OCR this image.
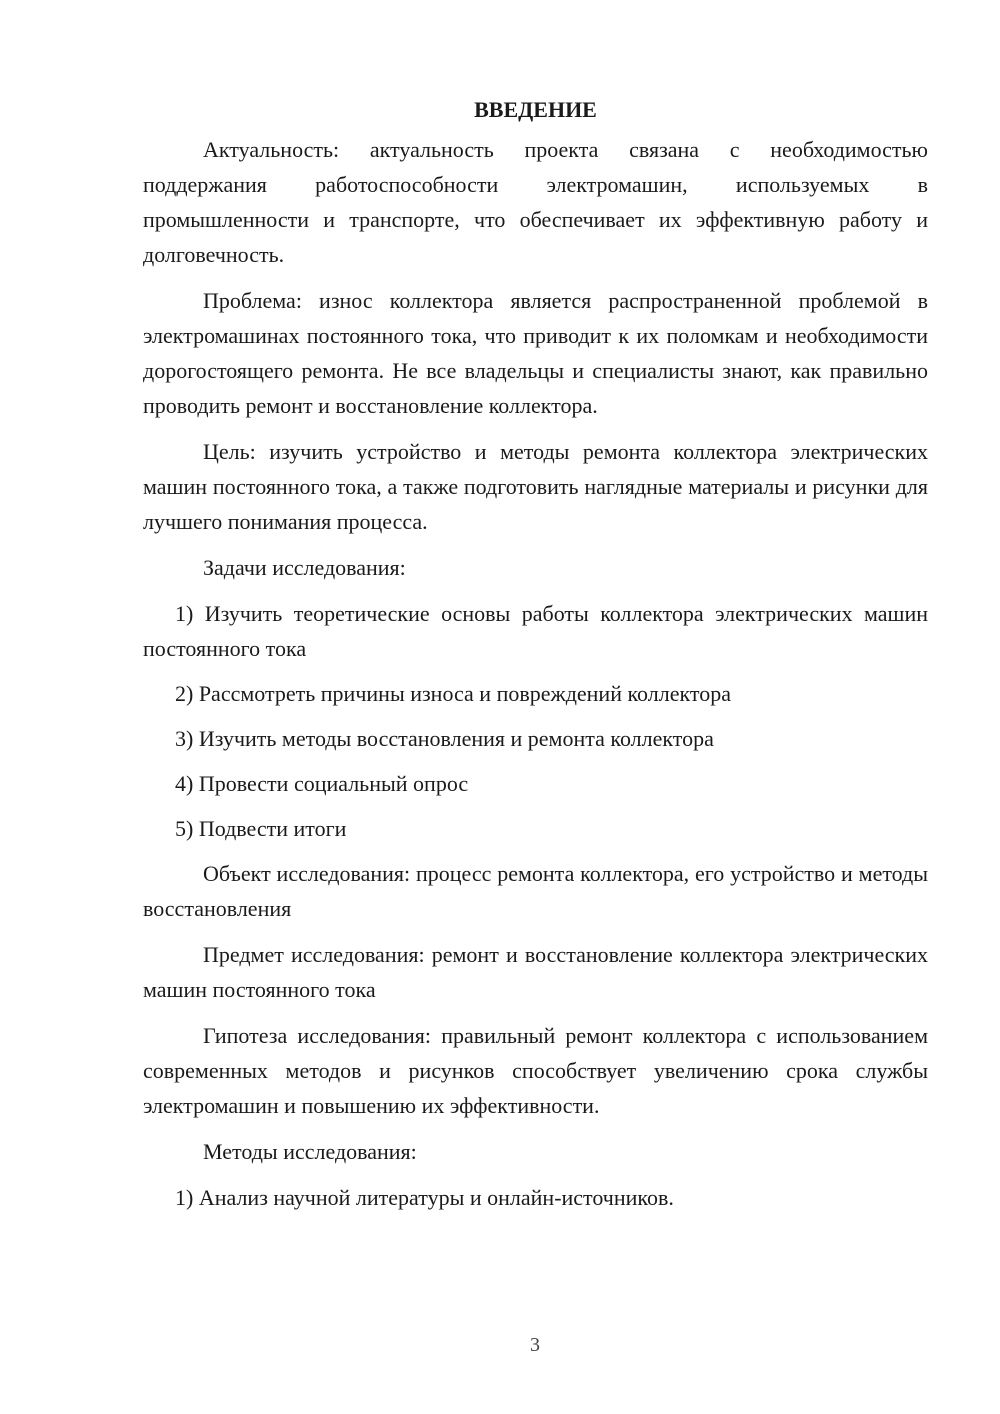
ВВЕДЕНИЕ

Актуальность: актуальность проекта связана с необходимостью поддержания работоспособности электромашин, используемых в промышленности и транспорте, что обеспечивает их эффективную работу и долговечность.

Проблема: износ коллектора является распространенной проблемой в электромашинах постоянного тока, что приводит к их поломкам и необходимости дорогостоящего ремонта. Не все владельцы и специалисты знают, как правильно проводить ремонт и восстановление коллектора.

Цель: изучить устройство и методы ремонта коллектора электрических машин постоянного тока, а также подготовить наглядные материалы и рисунки для лучшего понимания процесса.

Задачи исследования:

1) Изучить теоретические основы работы коллектора электрических машин постоянного тока

2) Рассмотреть причины износа и повреждений коллектора

3) Изучить методы восстановления и ремонта коллектора

4) Провести социальный опрос

5) Подвести итоги

Объект исследования: процесс ремонта коллектора, его устройство и методы восстановления

Предмет исследования: ремонт и восстановление коллектора электрических машин постоянного тока

Гипотеза исследования: правильный ремонт коллектора с использованием современных методов и рисунков способствует увеличению срока службы электромашин и повышению их эффективности.

Методы исследования:

1) Анализ научной литературы и онлайн-источников.

3
